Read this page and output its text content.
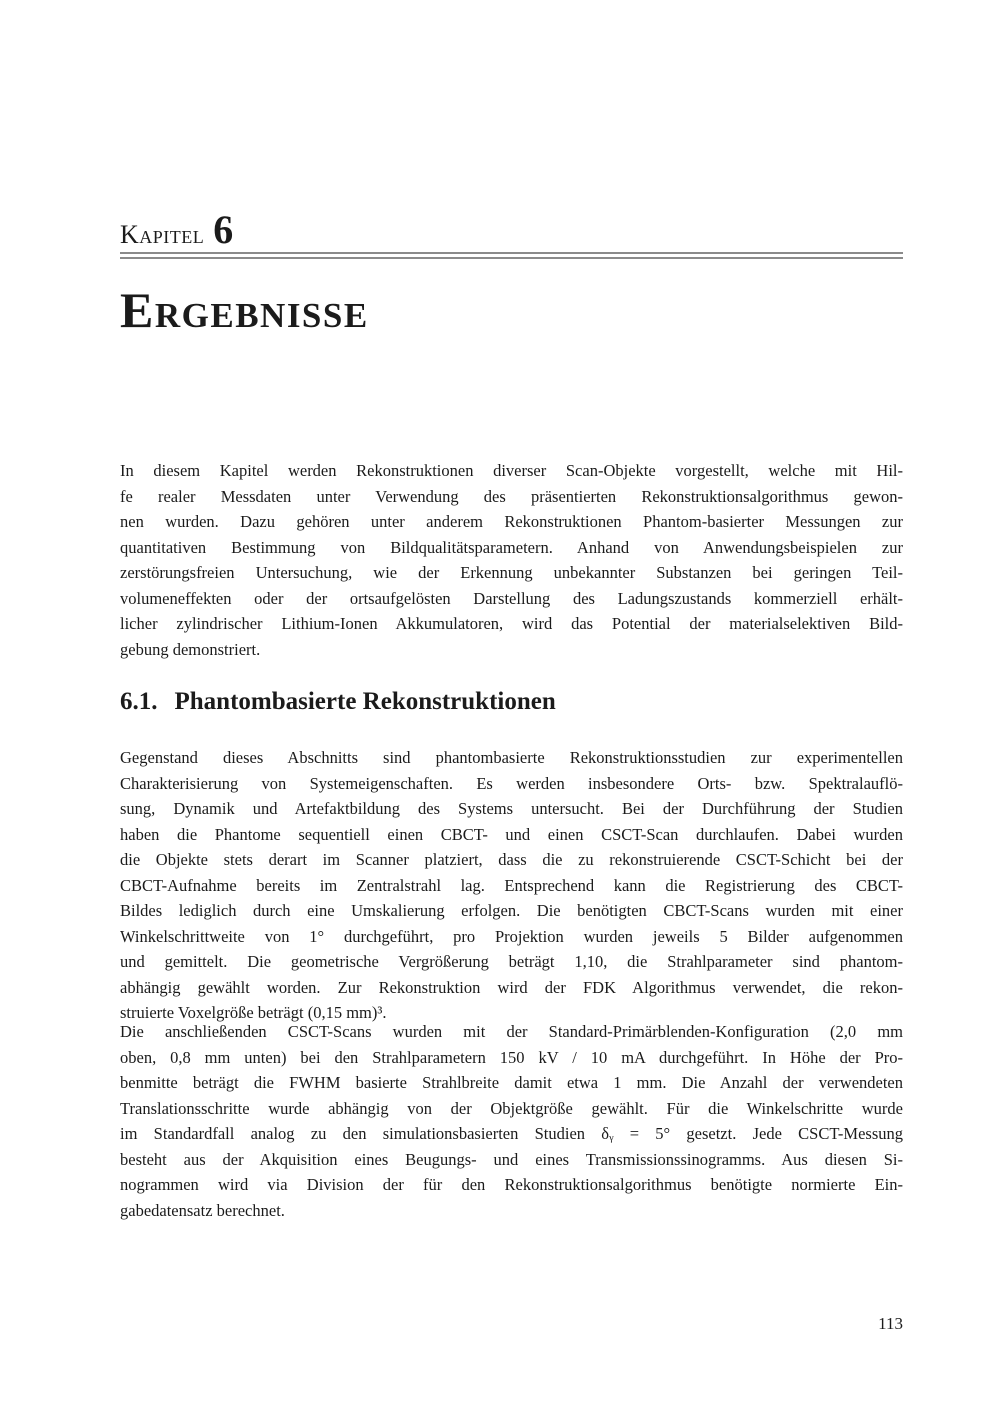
Kapitel 6
Ergebnisse
In diesem Kapitel werden Rekonstruktionen diverser Scan-Objekte vorgestellt, welche mit Hil-
fe realer Messdaten unter Verwendung des präsentierten Rekonstruktionsalgorithmus gewon-
nen wurden. Dazu gehören unter anderem Rekonstruktionen Phantom-basierter Messungen zur
quantitativen Bestimmung von Bildqualitätsparametern. Anhand von Anwendungsbeispielen zur
zerstörungsfreien Untersuchung, wie der Erkennung unbekannter Substanzen bei geringen Teil-
volumeneffekten oder der ortsaufgelösten Darstellung des Ladungszustands kommerziell erhält-
licher zylindrischer Lithium-Ionen Akkumulatoren, wird das Potential der materialselektiven Bild-
gebung demonstriert.
6.1. Phantombasierte Rekonstruktionen
Gegenstand dieses Abschnitts sind phantombasierte Rekonstruktionsstudien zur experimentellen
Charakterisierung von Systemeigenschaften. Es werden insbesondere Orts- bzw. Spektralauflö-
sung, Dynamik und Artefaktbildung des Systems untersucht. Bei der Durchführung der Studien
haben die Phantome sequentiell einen CBCT- und einen CSCT-Scan durchlaufen. Dabei wurden
die Objekte stets derart im Scanner platziert, dass die zu rekonstruierende CSCT-Schicht bei der
CBCT-Aufnahme bereits im Zentralstrahl lag. Entsprechend kann die Registrierung des CBCT-
Bildes lediglich durch eine Umskalierung erfolgen. Die benötigten CBCT-Scans wurden mit einer
Winkelschrittweite von 1° durchgeführt, pro Projektion wurden jeweils 5 Bilder aufgenommen
und gemittelt. Die geometrische Vergrößerung beträgt 1,10, die Strahlparameter sind phantom-
abhängig gewählt worden. Zur Rekonstruktion wird der FDK Algorithmus verwendet, die rekon-
struierte Voxelgröße beträgt (0,15 mm)³.
Die anschließenden CSCT-Scans wurden mit der Standard-Primärblenden-Konfiguration (2,0 mm
oben, 0,8 mm unten) bei den Strahlparametern 150 kV / 10 mA durchgeführt. In Höhe der Pro-
benmitte beträgt die FWHM basierte Strahlbreite damit etwa 1 mm. Die Anzahl der verwendeten
Translationsschritte wurde abhängig von der Objektgröße gewählt. Für die Winkelschritte wurde
im Standardfall analog zu den simulationsbasierten Studien δᵧ = 5° gesetzt. Jede CSCT-Messung
besteht aus der Akquisition eines Beugungs- und eines Transmissionssinogramms. Aus diesen Si-
nogrammen wird via Division der für den Rekonstruktionsalgorithmus benötigte normierte Ein-
gabedatensatz berechnet.
113
